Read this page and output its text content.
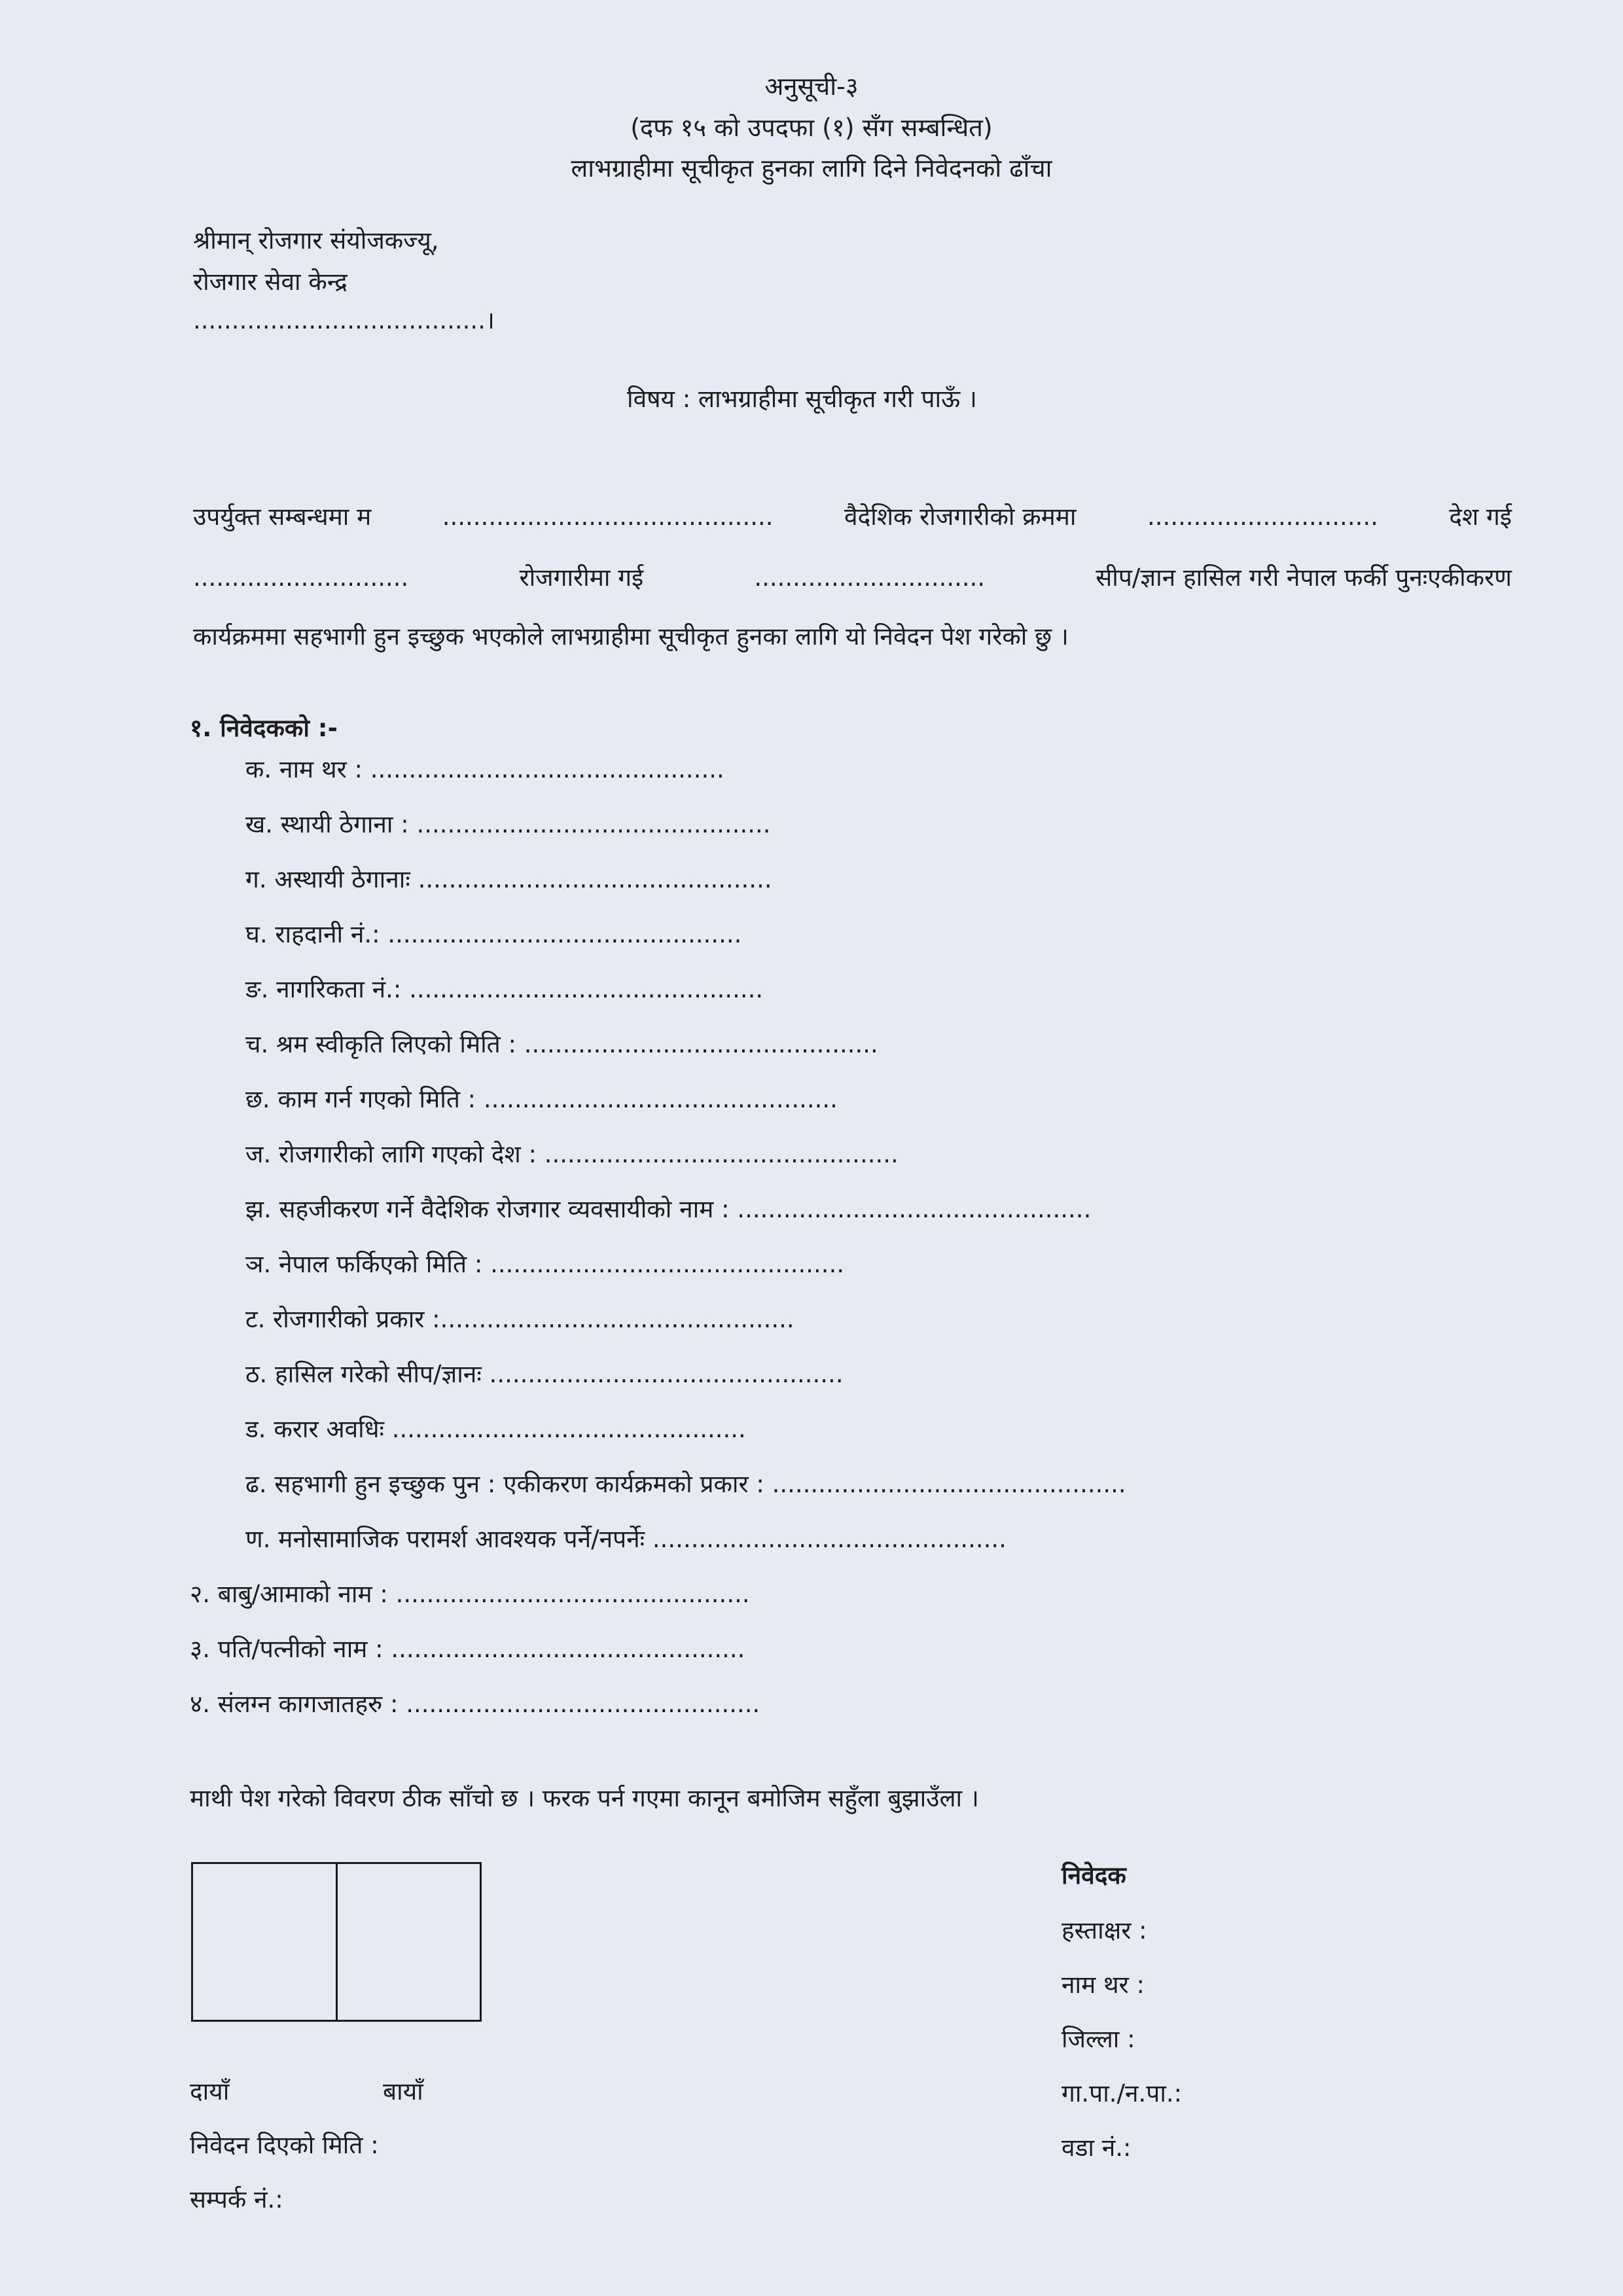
अनुसूची-३
(दफ १५ को उपदफा (१) सँग सम्बन्धित)
लाभग्राहीमा सूचीकृत हुनका लागि दिने निवेदनको ढाँचा
श्रीमान् रोजगार संयोजकज्यू,
रोजगार सेवा केन्द्र
......................................।
विषय : लाभग्राहीमा सूचीकृत गरी पाऊँ ।
उपर्युक्त सम्बन्धमा म	...........................................	वैदेशिक रोजगारीको क्रममा	..............................	देश गई
............................	रोजगारीमा गई	..............................	सीप/ज्ञान हासिल गरी नेपाल फर्की पुनःएकीकरण
कार्यक्रममा सहभागी हुन इच्छुक भएकोले लाभग्राहीमा सूचीकृत हुनका लागि यो निवेदन पेश गरेको छु ।
१. निवेदकको :-
क. नाम थर : ..............................................
ख. स्थायी ठेगाना : ..............................................
ग. अस्थायी ठेगानाः ..............................................
घ. राहदानी नं.: ..............................................
ङ. नागरिकता नं.: ..............................................
च. श्रम स्वीकृति लिएको मिति : ..............................................
छ. काम गर्न गएको मिति : ..............................................
ज. रोजगारीको लागि गएको देश : ..............................................
झ. सहजीकरण गर्ने वैदेशिक रोजगार व्यवसायीको नाम : ..............................................
ञ. नेपाल फर्किएको मिति : ..............................................
ट. रोजगारीको प्रकार :..............................................
ठ. हासिल गरेको सीप/ज्ञानः ..............................................
ड. करार अवधिः ..............................................
ढ. सहभागी हुन इच्छुक पुन : एकीकरण कार्यक्रमको प्रकार : ..............................................
ण. मनोसामाजिक परामर्श आवश्यक पर्ने/नपर्नेः ..............................................
२. बाबु/आमाको नाम : ..............................................
३. पति/पत्नीको नाम : ..............................................
४. संलग्न कागजातहरु : ..............................................
माथी पेश गरेको विवरण ठीक साँचो छ । फरक पर्न गएमा कानून बमोजिम सहुँला बुझाउँला ।
दायाँ	बायाँ
निवेदन दिएको मिति :
सम्पर्क नं.:
निवेदक
हस्ताक्षर :
नाम थर :
जिल्ला :
गा.पा./न.पा.:
वडा नं.:
